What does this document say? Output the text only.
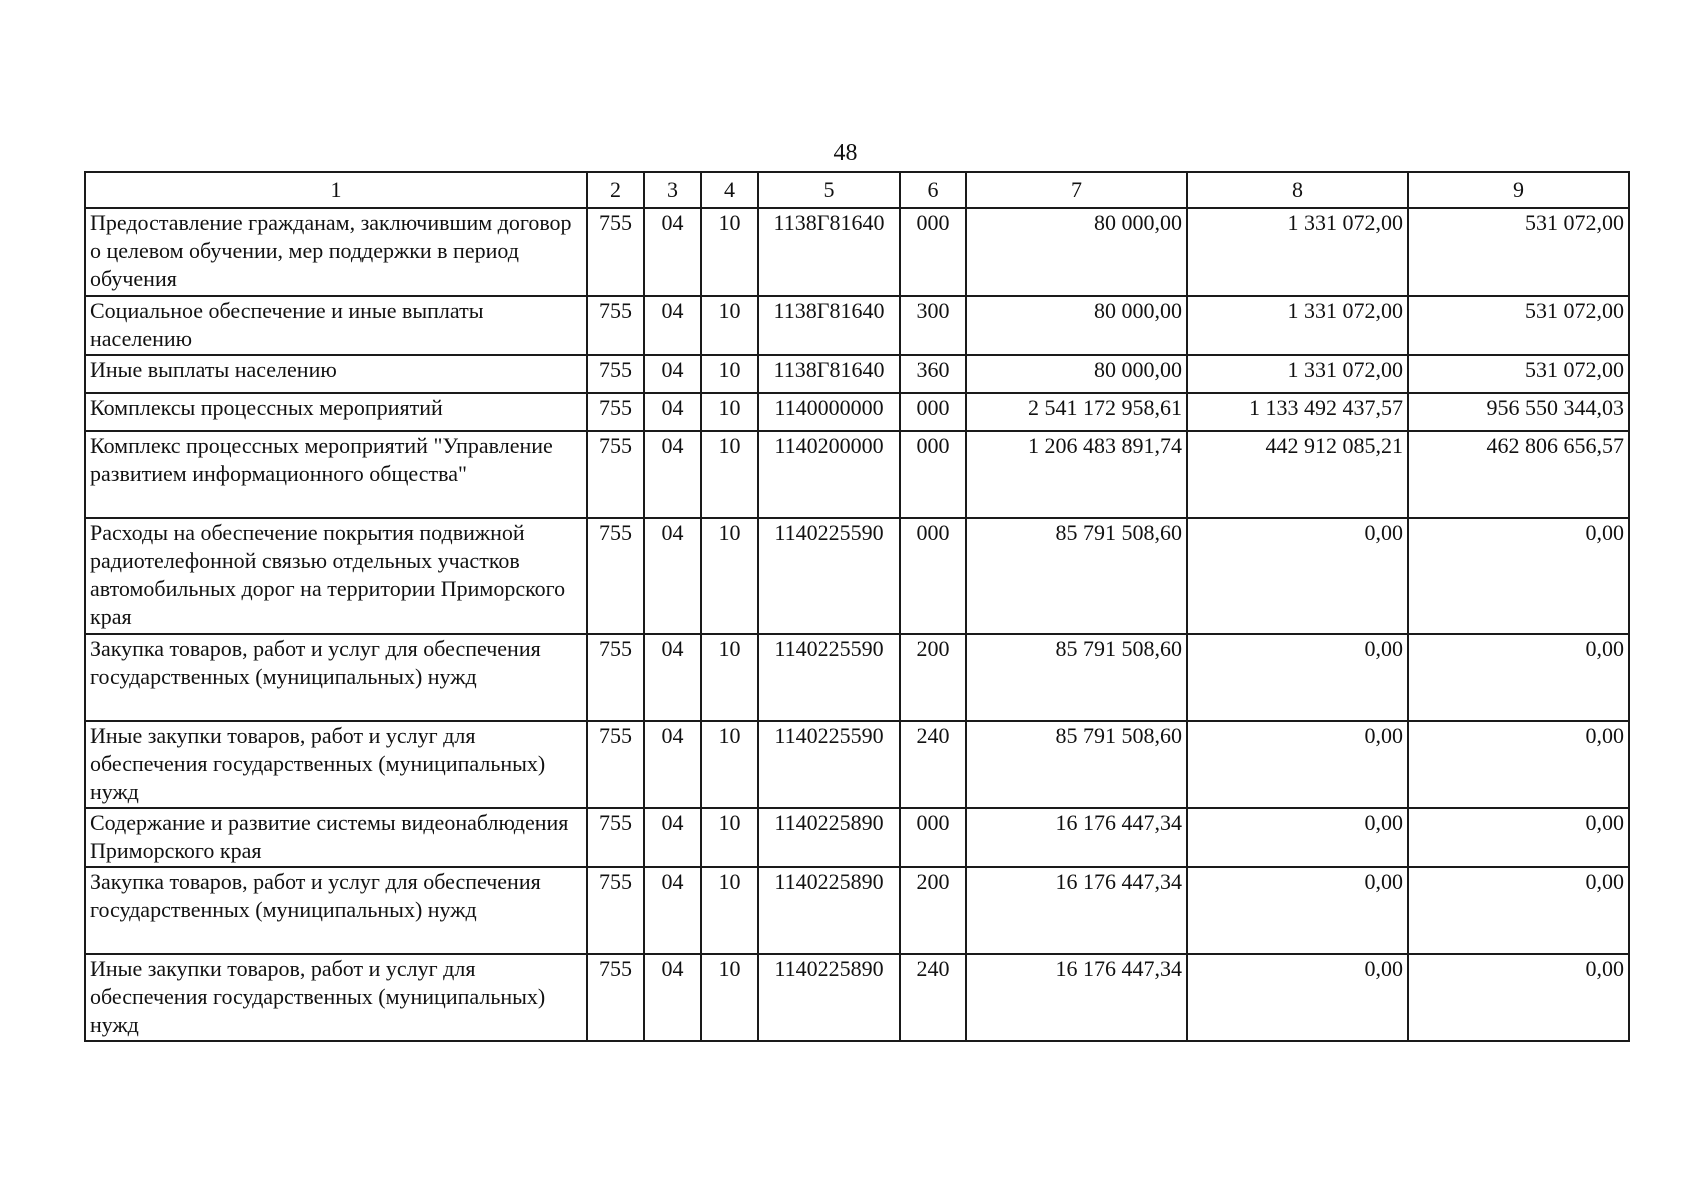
48
1	2	3	4	5	6	7	8	9
Предоставление гражданам, заключившим договор о целевом обучении, мер поддержки в период обучения	755	04	10	1138Г81640	000	80 000,00	1 331 072,00	531 072,00
Социальное обеспечение и иные выплаты населению	755	04	10	1138Г81640	300	80 000,00	1 331 072,00	531 072,00
Иные выплаты населению	755	04	10	1138Г81640	360	80 000,00	1 331 072,00	531 072,00
Комплексы процессных мероприятий	755	04	10	1140000000	000	2 541 172 958,61	1 133 492 437,57	956 550 344,03
Комплекс процессных мероприятий "Управление развитием информационного общества"	755	04	10	1140200000	000	1 206 483 891,74	442 912 085,21	462 806 656,57
Расходы на обеспечение покрытия подвижной радиотелефонной связью отдельных участков автомобильных дорог на территории Приморского края	755	04	10	1140225590	000	85 791 508,60	0,00	0,00
Закупка товаров, работ и услуг для обеспечения государственных (муниципальных) нужд	755	04	10	1140225590	200	85 791 508,60	0,00	0,00
Иные закупки товаров, работ и услуг для обеспечения государственных (муниципальных) нужд	755	04	10	1140225590	240	85 791 508,60	0,00	0,00
Содержание и развитие системы видеонаблюдения Приморского края	755	04	10	1140225890	000	16 176 447,34	0,00	0,00
Закупка товаров, работ и услуг для обеспечения государственных (муниципальных) нужд	755	04	10	1140225890	200	16 176 447,34	0,00	0,00
Иные закупки товаров, работ и услуг для обеспечения государственных (муниципальных) нужд	755	04	10	1140225890	240	16 176 447,34	0,00	0,00
